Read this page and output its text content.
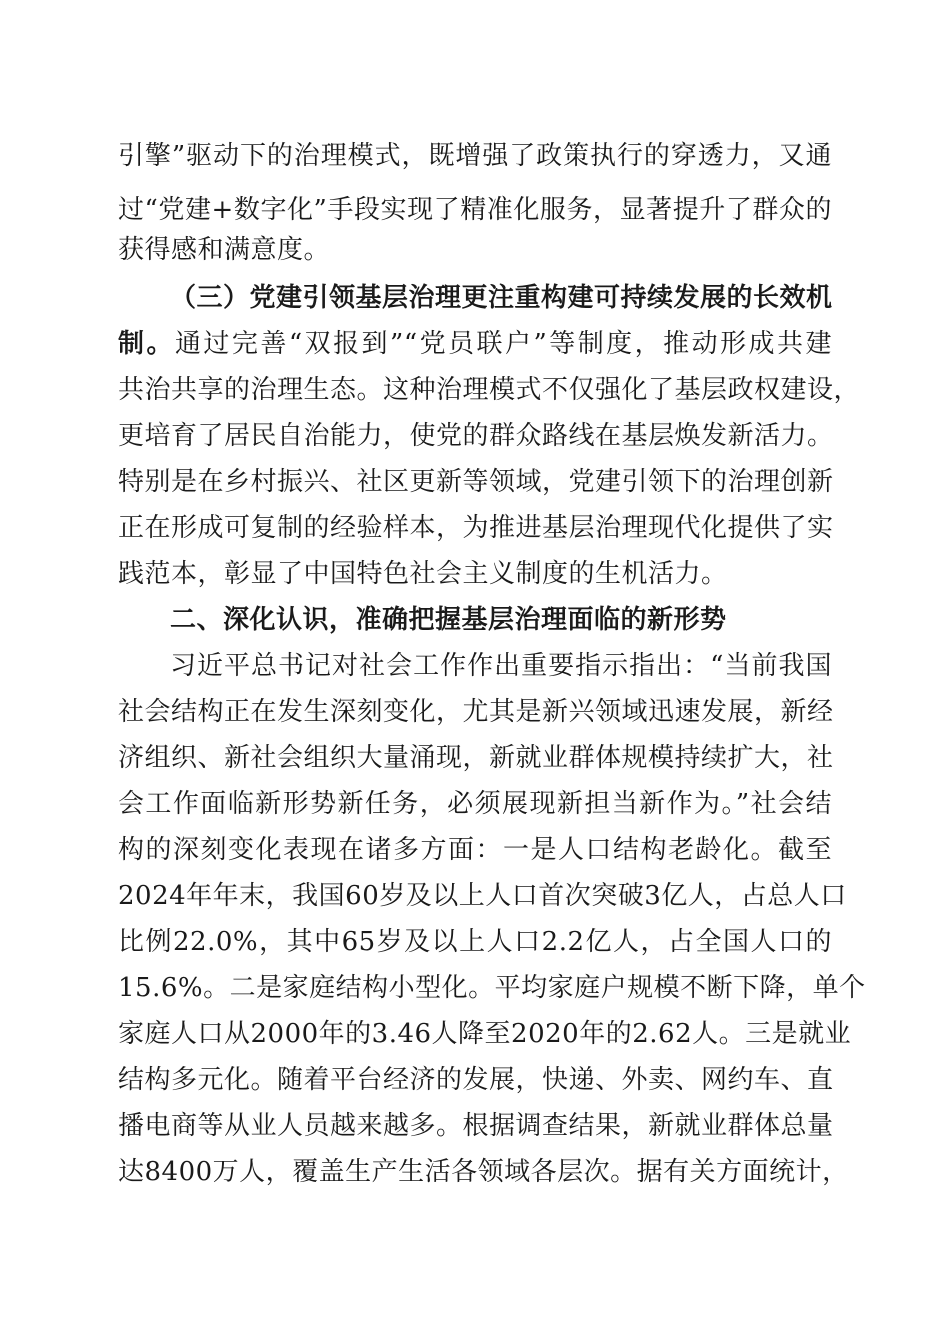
引擎”驱动下的治理模式，既增强了政策执行的穿透力，又通
过“党建+数字化”手段实现了精准化服务，显著提升了群众的
获得感和满意度。
（三）党建引领基层治理更注重构建可持续发展的长效机
制。通过完善“双报到”“党员联户”等制度，推动形成共建
共治共享的治理生态。这种治理模式不仅强化了基层政权建设，
更培育了居民自治能力，使党的群众路线在基层焕发新活力。
特别是在乡村振兴、社区更新等领域，党建引领下的治理创新
正在形成可复制的经验样本，为推进基层治理现代化提供了实
践范本，彰显了中国特色社会主义制度的生机活力。
二、深化认识，准确把握基层治理面临的新形势
习近平总书记对社会工作作出重要指示指出：“当前我国
社会结构正在发生深刻变化，尤其是新兴领域迅速发展，新经
济组织、新社会组织大量涌现，新就业群体规模持续扩大，社
会工作面临新形势新任务，必须展现新担当新作为。”社会结
构的深刻变化表现在诸多方面：一是人口结构老龄化。截至
2024年年末，我国60岁及以上人口首次突破3亿人，占总人口
比例22.0%，其中65岁及以上人口2.2亿人，占全国人口的
15.6%。二是家庭结构小型化。平均家庭户规模不断下降，单个
家庭人口从2000年的3.46人降至2020年的2.62人。三是就业
结构多元化。随着平台经济的发展，快递、外卖、网约车、直
播电商等从业人员越来越多。根据调查结果，新就业群体总量
达8400万人，覆盖生产生活各领域各层次。据有关方面统计，
